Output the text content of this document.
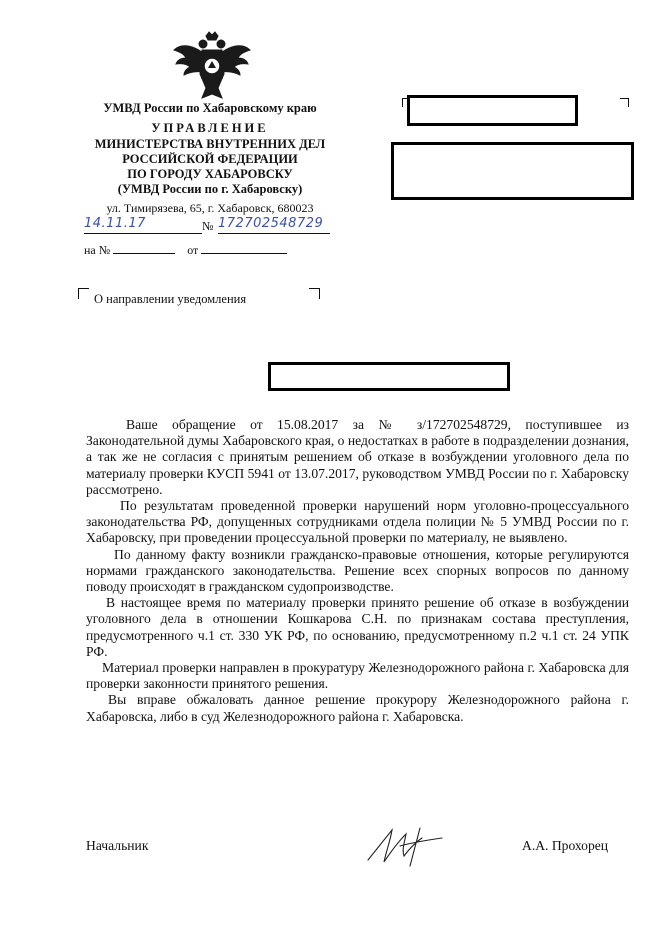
УМВД России по Хабаровскому краю
УПРАВЛЕНИЕ
МИНИСТЕРСТВА ВНУТРЕННИХ ДЕЛ
РОССИЙСКОЙ ФЕДЕРАЦИИ
ПО ГОРОДУ ХАБАРОВСКУ
(УМВД России по г. Хабаровску)
ул. Тимирязева, 65, г. Хабаровск, 680023
14.11.17	№ 172702548729
на №	от
О направлении уведомления

Ваше обращение от 15.08.2017 за № з/172702548729, поступившее из Законодательной думы Хабаровского края, о недостатках в работе в подразделении дознания, а так же не согласия с принятым решением об отказе в возбуждении уголовного дела по материалу проверки КУСП 5941 от 13.07.2017, руководством УМВД России по г. Хабаровску рассмотрено.

По результатам проведенной проверки нарушений норм уголовно-процессуального законодательства РФ, допущенных сотрудниками отдела полиции № 5 УМВД России по г. Хабаровску, при проведении процессуальной проверки по материалу, не выявлено.

По данному факту возникли гражданско-правовые отношения, которые регулируются нормами гражданского законодательства. Решение всех спорных вопросов по данному поводу происходят в гражданском судопроизводстве.

В настоящее время по материалу проверки принято решение об отказе в возбуждении уголовного дела в отношении Кошкарова С.Н. по признакам состава преступления, предусмотренного ч.1 ст. 330 УК РФ, по основанию, предусмотренному п.2 ч.1 ст. 24 УПК РФ.

Материал проверки направлен в прокуратуру Железнодорожного района г. Хабаровска для проверки законности принятого решения.

Вы вправе обжаловать данное решение прокурору Железнодорожного района г. Хабаровска, либо в суд Железнодорожного района г. Хабаровска.

Начальник	А.А. Прохорец
